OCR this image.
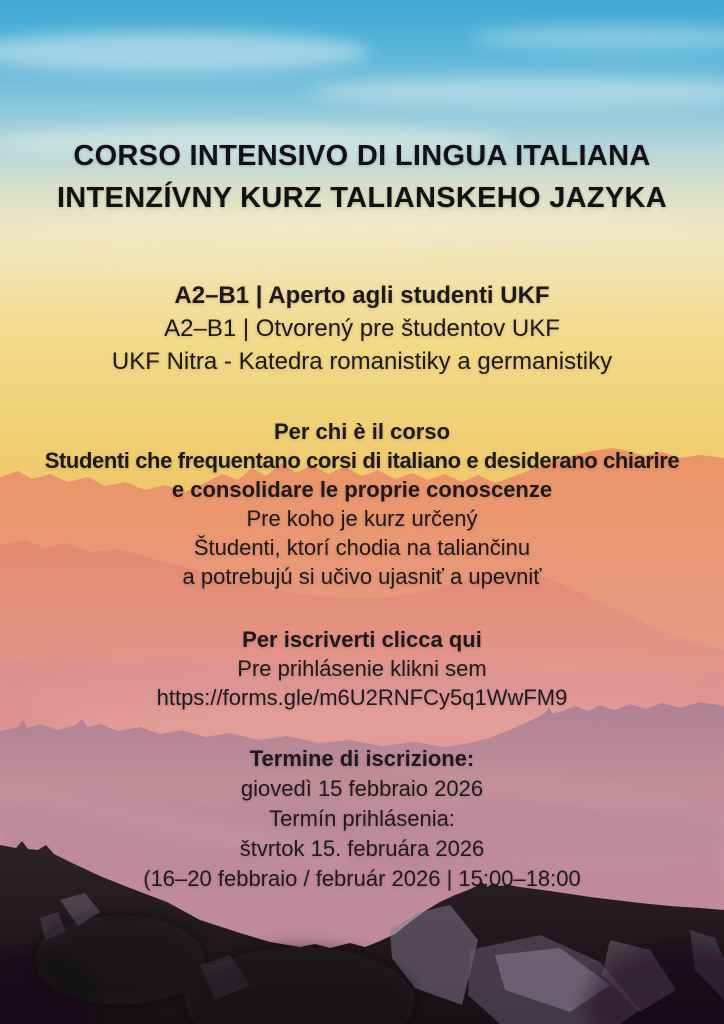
CORSO INTENSIVO DI LINGUA ITALIANA
INTENZÍVNY KURZ TALIANSKEHO JAZYKA
A2–B1 | Aperto agli studenti UKF
A2–B1 | Otvorený pre študentov UKF
UKF Nitra - Katedra romanistiky a germanistiky
Per chi è il corso
Studenti che frequentano corsi di italiano e desiderano chiarire
e consolidare le proprie conoscenze
Pre koho je kurz určený
Študenti, ktorí chodia na taliančinu
a potrebujú si učivo ujasniť a upevniť
Per iscriverti clicca qui
Pre prihlásenie klikni sem
https://forms.gle/m6U2RNFCy5q1WwFM9
Termine di iscrizione:
giovedì 15 febbraio 2026
Termín prihlásenia:
štvrtok 15. februára 2026
(16–20 febbraio / február 2026 | 15:00–18:00
